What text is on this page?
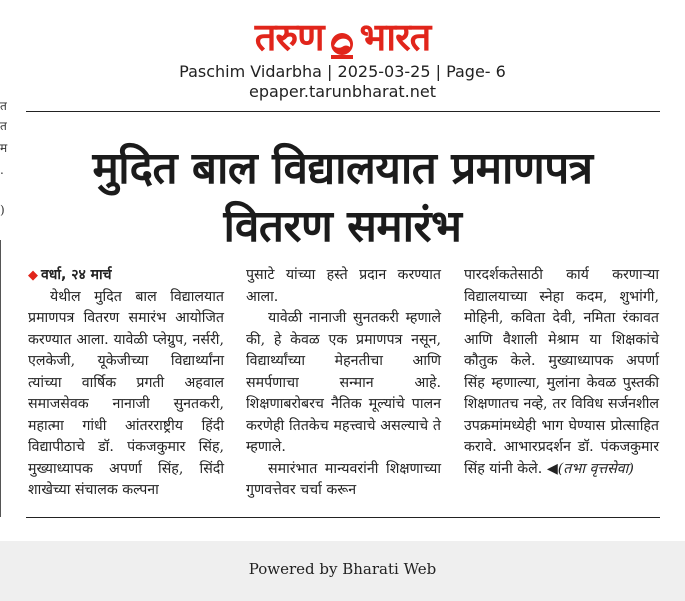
तरुण भारत
Paschim Vidarbha | 2025-03-25 | Page- 6
epaper.tarunbharat.net
त
त
म
.
)
मुदित बाल विद्यालयात प्रमाणपत्र
वितरण समारंभ

◆ वर्धा, २४ मार्च

येथील मुदित बाल विद्यालयात प्रमाणपत्र वितरण समारंभ आयोजित करण्यात आला. यावेळी प्लेग्रुप, नर्सरी, एलकेजी, यूकेजीच्या विद्यार्थ्यांना त्यांच्या वार्षिक प्रगती अहवाल समाजसेवक नानाजी सुनतकरी, महात्मा गांधी आंतरराष्ट्रीय हिंदी विद्यापीठाचे डॉ. पंकजकुमार सिंह, मुख्याध्यापक अपर्णा सिंह, सिंदी शाखेच्या संचालक कल्पना

पुसाटे यांच्या हस्ते प्रदान करण्यात आला.

यावेळी नानाजी सुनतकरी म्हणाले की, हे केवळ एक प्रमाणपत्र नसून, विद्यार्थ्यांच्या मेहनतीचा आणि समर्पणाचा सन्मान आहे. शिक्षणाबरोबरच नैतिक मूल्यांचे पालन करणेही तितकेच महत्त्वाचे असल्याचे ते म्हणाले.

समारंभात मान्यवरांनी शिक्षणाच्या गुणवत्तेवर चर्चा करून

पारदर्शकतेसाठी कार्य करणाऱ्या विद्यालयाच्या स्नेहा कदम, शुभांगी, मोहिनी, कविता देवी, नमिता रंकावत आणि वैशाली मेश्राम या शिक्षकांचे कौतुक केले. मुख्याध्यापक अपर्णा सिंह म्हणाल्या, मुलांना केवळ पुस्तकी शिक्षणातच नव्हे, तर विविध सर्जनशील उपक्रमांमध्येही भाग घेण्यास प्रोत्साहित करावे. आभारप्रदर्शन डॉ. पंकजकुमार सिंह यांनी केले. ◀(तभा वृत्तसेवा)

Powered by Bharati Web
